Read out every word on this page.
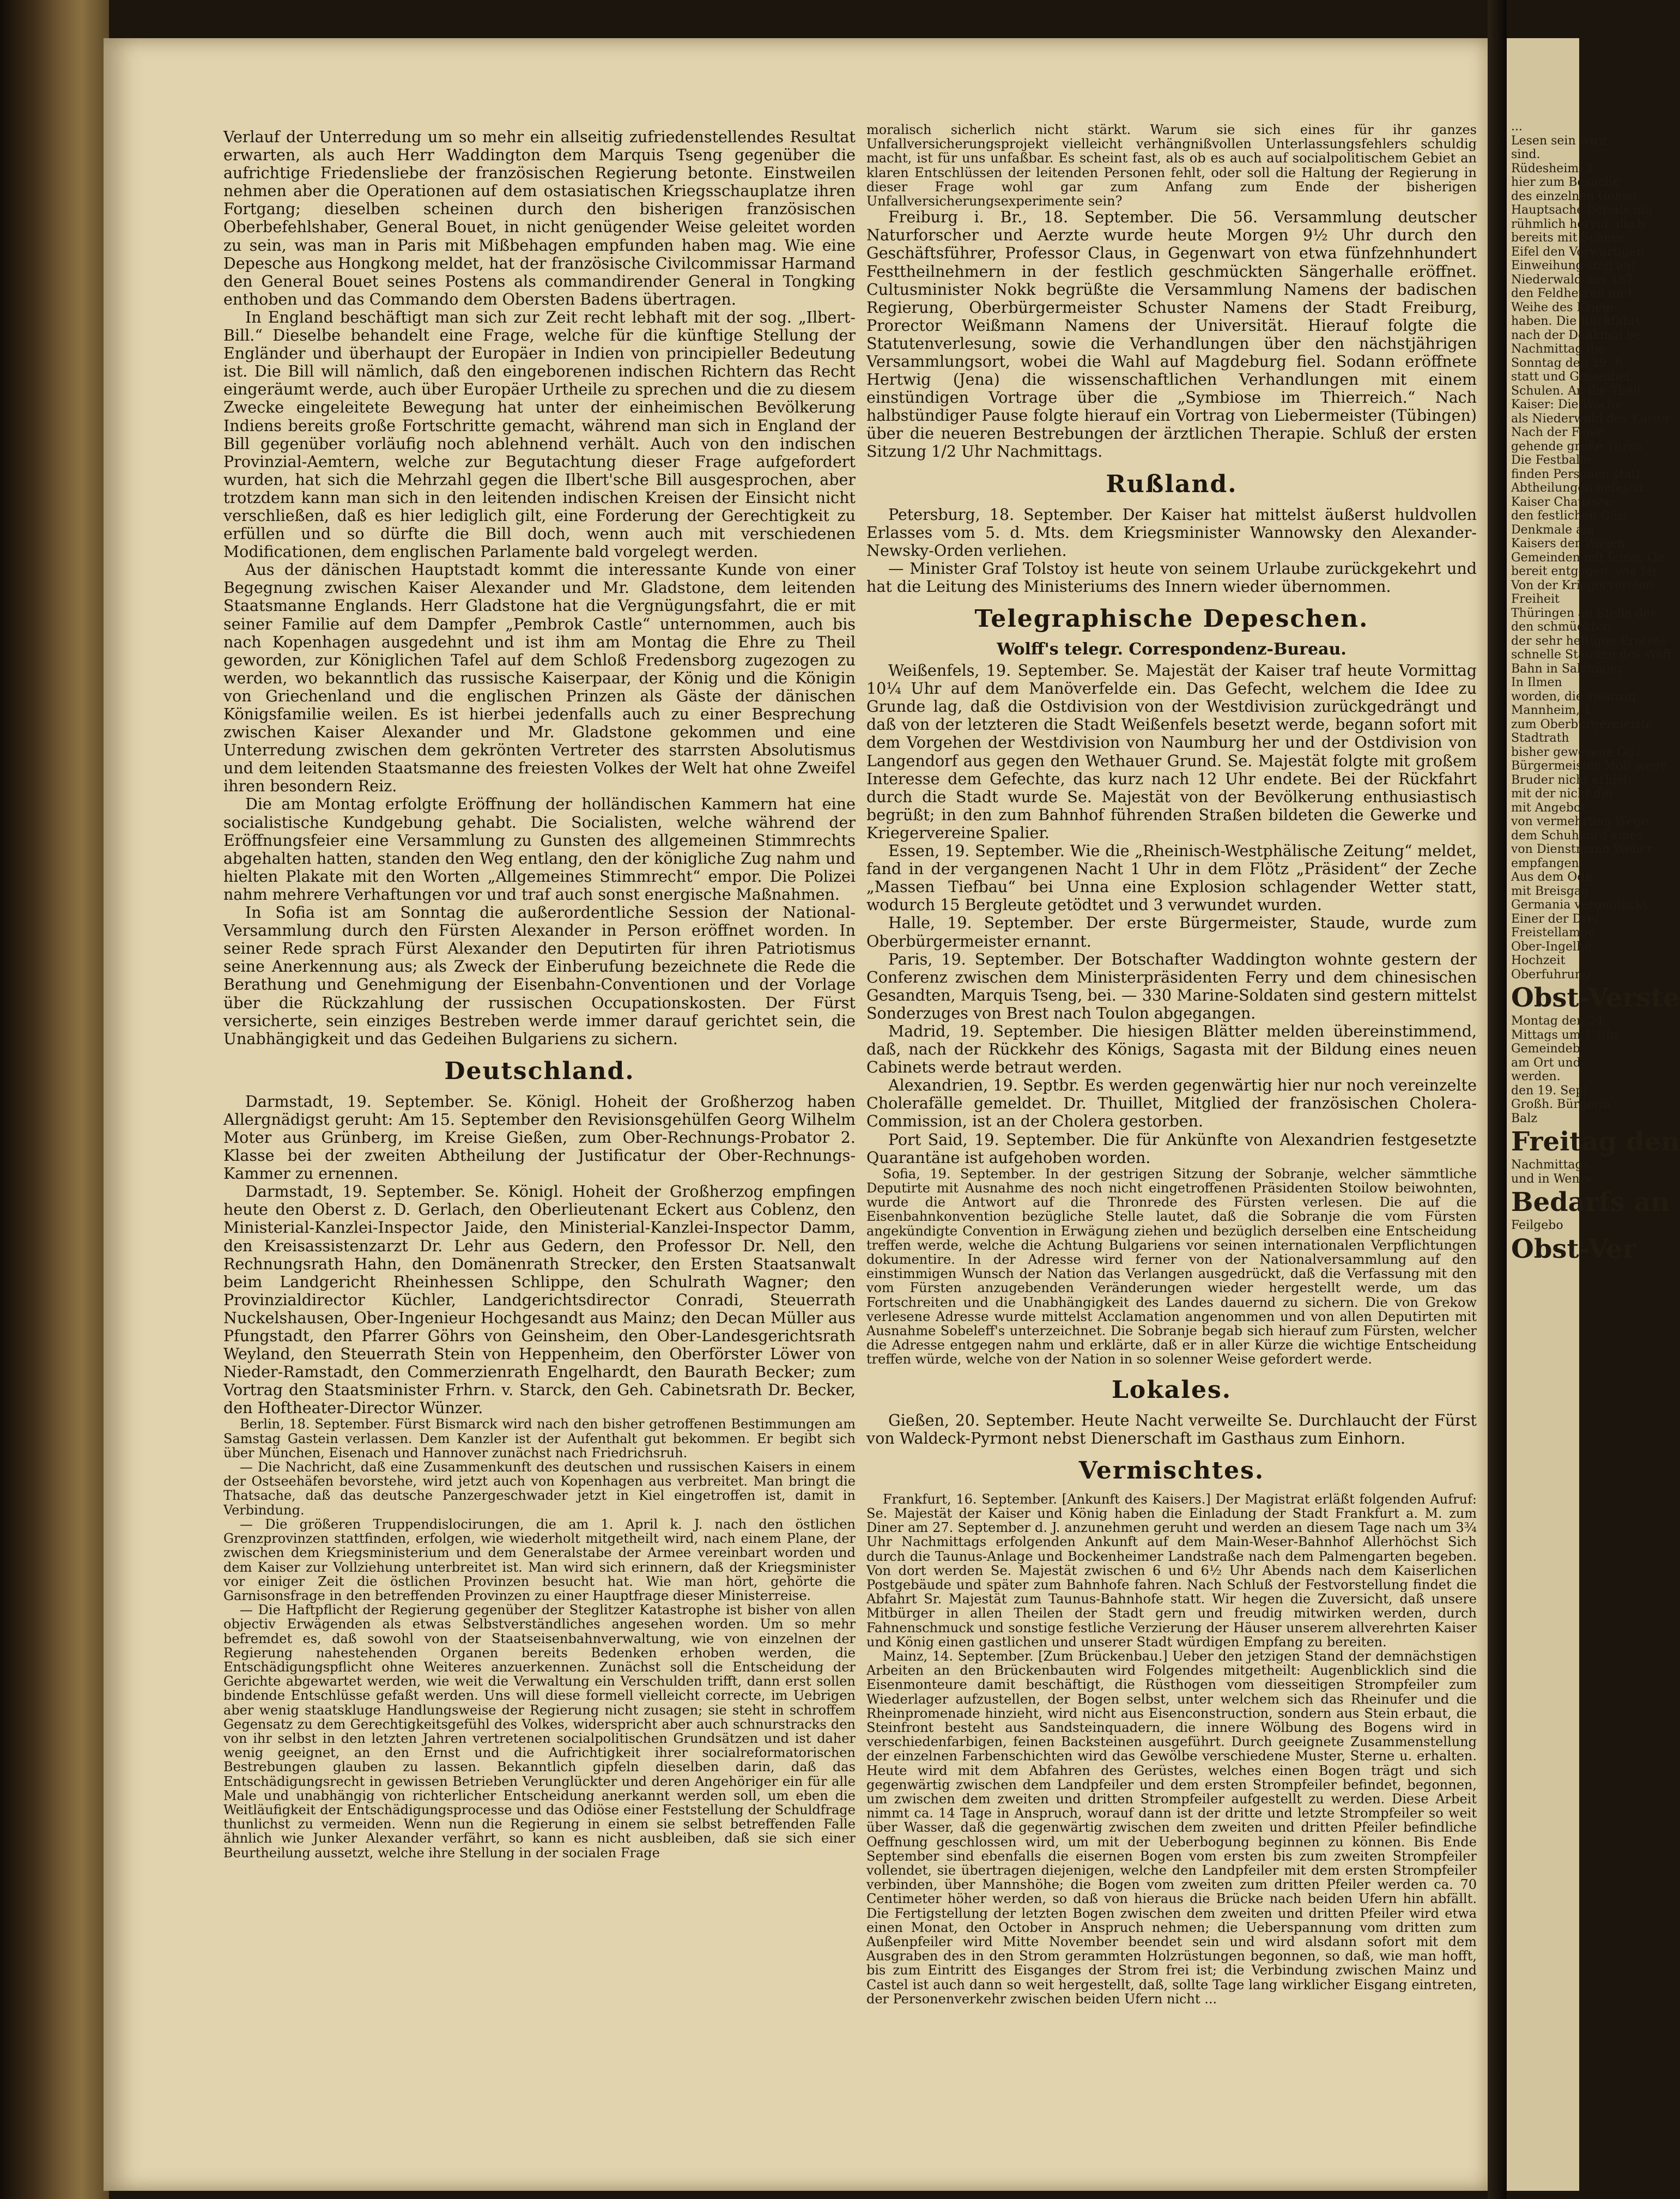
Verlauf der Unterredung um so mehr ein allseitig zufriedenstellendes Resultat erwarten, als auch Herr Waddington dem Marquis Tseng gegenüber die aufrichtige Friedensliebe der französischen Regierung betonte. Einstweilen nehmen aber die Operationen auf dem ostasiatischen Kriegsschauplatze ihren Fortgang; dieselben scheinen durch den bisherigen französischen Oberbefehlshaber, General Bouet, in nicht genügender Weise geleitet worden zu sein, was man in Paris mit Mißbehagen empfunden haben mag. Wie eine Depesche aus Hongkong meldet, hat der französische Civilcommissar Harmand den General Bouet seines Postens als commandirender General in Tongking enthoben und das Commando dem Obersten Badens übertragen.

In England beschäftigt man sich zur Zeit recht lebhaft mit der sog. „Ilbert-Bill.“ Dieselbe behandelt eine Frage, welche für die künftige Stellung der Engländer und überhaupt der Europäer in Indien von principieller Bedeutung ist. Die Bill will nämlich, daß den eingeborenen indischen Richtern das Recht eingeräumt werde, auch über Europäer Urtheile zu sprechen und die zu diesem Zwecke eingeleitete Bewegung hat unter der einheimischen Bevölkerung Indiens bereits große Fortschritte gemacht, während man sich in England der Bill gegenüber vorläufig noch ablehnend verhält. Auch von den indischen Provinzial-Aemtern, welche zur Begutachtung dieser Frage aufgefordert wurden, hat sich die Mehrzahl gegen die Ilbert'sche Bill ausgesprochen, aber trotzdem kann man sich in den leitenden indischen Kreisen der Einsicht nicht verschließen, daß es hier lediglich gilt, eine Forderung der Gerechtigkeit zu erfüllen und so dürfte die Bill doch, wenn auch mit verschiedenen Modificationen, dem englischen Parlamente bald vorgelegt werden.

Aus der dänischen Hauptstadt kommt die interessante Kunde von einer Begegnung zwischen Kaiser Alexander und Mr. Gladstone, dem leitenden Staatsmanne Englands. Herr Gladstone hat die Vergnügungsfahrt, die er mit seiner Familie auf dem Dampfer „Pembrok Castle“ unternommen, auch bis nach Kopenhagen ausgedehnt und ist ihm am Montag die Ehre zu Theil geworden, zur Königlichen Tafel auf dem Schloß Fredensborg zugezogen zu werden, wo bekanntlich das russische Kaiserpaar, der König und die Königin von Griechenland und die englischen Prinzen als Gäste der dänischen Königsfamilie weilen. Es ist hierbei jedenfalls auch zu einer Besprechung zwischen Kaiser Alexander und Mr. Gladstone gekommen und eine Unterredung zwischen dem gekrönten Vertreter des starrsten Absolutismus und dem leitenden Staatsmanne des freiesten Volkes der Welt hat ohne Zweifel ihren besondern Reiz.

Die am Montag erfolgte Eröffnung der holländischen Kammern hat eine socialistische Kundgebung gehabt. Die Socialisten, welche während der Eröffnungsfeier eine Versammlung zu Gunsten des allgemeinen Stimmrechts abgehalten hatten, standen den Weg entlang, den der königliche Zug nahm und hielten Plakate mit den Worten „Allgemeines Stimmrecht“ empor. Die Polizei nahm mehrere Verhaftungen vor und traf auch sonst energische Maßnahmen.

In Sofia ist am Sonntag die außerordentliche Session der National-Versammlung durch den Fürsten Alexander in Person eröffnet worden. In seiner Rede sprach Fürst Alexander den Deputirten für ihren Patriotismus seine Anerkennung aus; als Zweck der Einberufung bezeichnete die Rede die Berathung und Genehmigung der Eisenbahn-Conventionen und der Vorlage über die Rückzahlung der russischen Occupationskosten. Der Fürst versicherte, sein einziges Bestreben werde immer darauf gerichtet sein, die Unabhängigkeit und das Gedeihen Bulgariens zu sichern.

Deutschland.

Darmstadt, 19. September. Se. Königl. Hoheit der Großherzog haben Allergnädigst geruht: Am 15. September den Revisionsgehülfen Georg Wilhelm Moter aus Grünberg, im Kreise Gießen, zum Ober-Rechnungs-Probator 2. Klasse bei der zweiten Abtheilung der Justificatur der Ober-Rechnungs-Kammer zu ernennen.

Darmstadt, 19. September. Se. Königl. Hoheit der Großherzog empfingen heute den Oberst z. D. Gerlach, den Oberlieutenant Eckert aus Coblenz, den Ministerial-Kanzlei-Inspector Jaide, den Ministerial-Kanzlei-Inspector Damm, den Kreisassistenzarzt Dr. Lehr aus Gedern, den Professor Dr. Nell, den Rechnungsrath Hahn, den Domänenrath Strecker, den Ersten Staatsanwalt beim Landgericht Rheinhessen Schlippe, den Schulrath Wagner; den Provinzialdirector Küchler, Landgerichtsdirector Conradi, Steuerrath Nuckelshausen, Ober-Ingenieur Hochgesandt aus Mainz; den Decan Müller aus Pfungstadt, den Pfarrer Göhrs von Geinsheim, den Ober-Landesgerichtsrath Weyland, den Steuerrath Stein von Heppenheim, den Oberförster Löwer von Nieder-Ramstadt, den Commerzienrath Engelhardt, den Baurath Becker; zum Vortrag den Staatsminister Frhrn. v. Starck, den Geh. Cabinetsrath Dr. Becker, den Hoftheater-Director Wünzer.

Berlin, 18. September. Fürst Bismarck wird nach den bisher getroffenen Bestimmungen am Samstag Gastein verlassen. Dem Kanzler ist der Aufenthalt gut bekommen. Er begibt sich über München, Eisenach und Hannover zunächst nach Friedrichsruh.

— Die Nachricht, daß eine Zusammenkunft des deutschen und russischen Kaisers in einem der Ostseehäfen bevorstehe, wird jetzt auch von Kopenhagen aus verbreitet. Man bringt die Thatsache, daß das deutsche Panzergeschwader jetzt in Kiel eingetroffen ist, damit in Verbindung.

— Die größeren Truppendislocirungen, die am 1. April k. J. nach den östlichen Grenzprovinzen stattfinden, erfolgen, wie wiederholt mitgetheilt wird, nach einem Plane, der zwischen dem Kriegsministerium und dem Generalstabe der Armee vereinbart worden und dem Kaiser zur Vollziehung unterbreitet ist. Man wird sich erinnern, daß der Kriegsminister vor einiger Zeit die östlichen Provinzen besucht hat. Wie man hört, gehörte die Garnisonsfrage in den betreffenden Provinzen zu einer Hauptfrage dieser Ministerreise.

— Die Haftpflicht der Regierung gegenüber der Steglitzer Katastrophe ist bisher von allen objectiv Erwägenden als etwas Selbstverständliches angesehen worden. Um so mehr befremdet es, daß sowohl von der Staatseisenbahnverwaltung, wie von einzelnen der Regierung nahestehenden Organen bereits Bedenken erhoben werden, die Entschädigungspflicht ohne Weiteres anzuerkennen. Zunächst soll die Entscheidung der Gerichte abgewartet werden, wie weit die Verwaltung ein Verschulden trifft, dann erst sollen bindende Entschlüsse gefaßt werden. Uns will diese formell vielleicht correcte, im Uebrigen aber wenig staatskluge Handlungsweise der Regierung nicht zusagen; sie steht in schroffem Gegensatz zu dem Gerechtigkeitsgefühl des Volkes, widerspricht aber auch schnurstracks den von ihr selbst in den letzten Jahren vertretenen socialpolitischen Grundsätzen und ist daher wenig geeignet, an den Ernst und die Aufrichtigkeit ihrer socialreformatorischen Bestrebungen glauben zu lassen. Bekanntlich gipfeln dieselben darin, daß das Entschädigungsrecht in gewissen Betrieben Verunglückter und deren Angehöriger ein für alle Male und unabhängig von richterlicher Entscheidung anerkannt werden soll, um eben die Weitläufigkeit der Entschädigungsprocesse und das Odiöse einer Feststellung der Schuldfrage thunlichst zu vermeiden. Wenn nun die Regierung in einem sie selbst betreffenden Falle ähnlich wie Junker Alexander verfährt, so kann es nicht ausbleiben, daß sie sich einer Beurtheilung aussetzt, welche ihre Stellung in der socialen Frage

moralisch sicherlich nicht stärkt. Warum sie sich eines für ihr ganzes Unfallversicherungsprojekt vielleicht verhängnißvollen Unterlassungsfehlers schuldig macht, ist für uns unfaßbar. Es scheint fast, als ob es auch auf socialpolitischem Gebiet an klaren Entschlüssen der leitenden Personen fehlt, oder soll die Haltung der Regierung in dieser Frage wohl gar zum Anfang zum Ende der bisherigen Unfallversicherungsexperimente sein?

Freiburg i. Br., 18. September. Die 56. Versammlung deutscher Naturforscher und Aerzte wurde heute Morgen 9½ Uhr durch den Geschäftsführer, Professor Claus, in Gegenwart von etwa fünfzehnhundert Festtheilnehmern in der festlich geschmückten Sängerhalle eröffnet. Cultusminister Nokk begrüßte die Versammlung Namens der badischen Regierung, Oberbürgermeister Schuster Namens der Stadt Freiburg, Prorector Weißmann Namens der Universität. Hierauf folgte die Statutenverlesung, sowie die Verhandlungen über den nächstjährigen Versammlungsort, wobei die Wahl auf Magdeburg fiel. Sodann eröffnete Hertwig (Jena) die wissenschaftlichen Verhandlungen mit einem einstündigen Vortrage über die „Symbiose im Thierreich.“ Nach halbstündiger Pause folgte hierauf ein Vortrag von Liebermeister (Tübingen) über die neueren Bestrebungen der ärztlichen Therapie. Schluß der ersten Sitzung 1/2 Uhr Nachmittags.

Rußland.

Petersburg, 18. September. Der Kaiser hat mittelst äußerst huldvollen Erlasses vom 5. d. Mts. dem Kriegsminister Wannowsky den Alexander-Newsky-Orden verliehen.

— Minister Graf Tolstoy ist heute von seinem Urlaube zurückgekehrt und hat die Leitung des Ministeriums des Innern wieder übernommen.

Telegraphische Depeschen.
Wolff's telegr. Correspondenz-Bureau.

Weißenfels, 19. September. Se. Majestät der Kaiser traf heute Vormittag 10¼ Uhr auf dem Manöverfelde ein. Das Gefecht, welchem die Idee zu Grunde lag, daß die Ostdivision von der Westdivision zurückgedrängt und daß von der letzteren die Stadt Weißenfels besetzt werde, begann sofort mit dem Vorgehen der Westdivision von Naumburg her und der Ostdivision von Langendorf aus gegen den Wethauer Grund. Se. Majestät folgte mit großem Interesse dem Gefechte, das kurz nach 12 Uhr endete. Bei der Rückfahrt durch die Stadt wurde Se. Majestät von der Bevölkerung enthusiastisch begrüßt; in den zum Bahnhof führenden Straßen bildeten die Gewerke und Kriegervereine Spalier.

Essen, 19. September. Wie die „Rheinisch-Westphälische Zeitung“ meldet, fand in der vergangenen Nacht 1 Uhr in dem Flötz „Präsident“ der Zeche „Massen Tiefbau“ bei Unna eine Explosion schlagender Wetter statt, wodurch 15 Bergleute getödtet und 3 verwundet wurden.

Halle, 19. September. Der erste Bürgermeister, Staude, wurde zum Oberbürgermeister ernannt.

Paris, 19. September. Der Botschafter Waddington wohnte gestern der Conferenz zwischen dem Ministerpräsidenten Ferry und dem chinesischen Gesandten, Marquis Tseng, bei. — 330 Marine-Soldaten sind gestern mittelst Sonderzuges von Brest nach Toulon abgegangen.

Madrid, 19. September. Die hiesigen Blätter melden übereinstimmend, daß, nach der Rückkehr des Königs, Sagasta mit der Bildung eines neuen Cabinets werde betraut werden.

Alexandrien, 19. Septbr. Es werden gegenwärtig hier nur noch vereinzelte Cholerafälle gemeldet. Dr. Thuillet, Mitglied der französischen Cholera-Commission, ist an der Cholera gestorben.

Port Said, 19. September. Die für Ankünfte von Alexandrien festgesetzte Quarantäne ist aufgehoben worden.

Sofia, 19. September. In der gestrigen Sitzung der Sobranje, welcher sämmtliche Deputirte mit Ausnahme des noch nicht eingetroffenen Präsidenten Stoilow beiwohnten, wurde die Antwort auf die Thronrede des Fürsten verlesen. Die auf die Eisenbahnkonvention bezügliche Stelle lautet, daß die Sobranje die vom Fürsten angekündigte Convention in Erwägung ziehen und bezüglich derselben eine Entscheidung treffen werde, welche die Achtung Bulgariens vor seinen internationalen Verpflichtungen dokumentire. In der Adresse wird ferner von der Nationalversammlung auf den einstimmigen Wunsch der Nation das Verlangen ausgedrückt, daß die Verfassung mit den vom Fürsten anzugebenden Veränderungen wieder hergestellt werde, um das Fortschreiten und die Unabhängigkeit des Landes dauernd zu sichern. Die von Grekow verlesene Adresse wurde mittelst Acclamation angenommen und von allen Deputirten mit Ausnahme Sobeleff's unterzeichnet. Die Sobranje begab sich hierauf zum Fürsten, welcher die Adresse entgegen nahm und erklärte, daß er in aller Kürze die wichtige Entscheidung treffen würde, welche von der Nation in so solenner Weise gefordert werde.

Lokales.

Gießen, 20. September. Heute Nacht verweilte Se. Durchlaucht der Fürst von Waldeck-Pyrmont nebst Dienerschaft im Gasthaus zum Einhorn.

Vermischtes.

Frankfurt, 16. September. [Ankunft des Kaisers.] Der Magistrat erläßt folgenden Aufruf: Se. Majestät der Kaiser und König haben die Einladung der Stadt Frankfurt a. M. zum Diner am 27. September d. J. anzunehmen geruht und werden an diesem Tage nach um 3¾ Uhr Nachmittags erfolgenden Ankunft auf dem Main-Weser-Bahnhof Allerhöchst Sich durch die Taunus-Anlage und Bockenheimer Landstraße nach dem Palmengarten begeben. Von dort werden Se. Majestät zwischen 6 und 6½ Uhr Abends nach dem Kaiserlichen Postgebäude und später zum Bahnhofe fahren. Nach Schluß der Festvorstellung findet die Abfahrt Sr. Majestät zum Taunus-Bahnhofe statt. Wir hegen die Zuversicht, daß unsere Mitbürger in allen Theilen der Stadt gern und freudig mitwirken werden, durch Fahnenschmuck und sonstige festliche Verzierung der Häuser unserem allverehrten Kaiser und König einen gastlichen und unserer Stadt würdigen Empfang zu bereiten.

Mainz, 14. September. [Zum Brückenbau.] Ueber den jetzigen Stand der demnächstigen Arbeiten an den Brückenbauten wird Folgendes mitgetheilt: Augenblicklich sind die Eisenmonteure damit beschäftigt, die Rüsthogen vom diesseitigen Strompfeiler zum Wiederlager aufzustellen, der Bogen selbst, unter welchem sich das Rheinufer und die Rheinpromenade hinzieht, wird nicht aus Eisenconstruction, sondern aus Stein erbaut, die Steinfront besteht aus Sandsteinquadern, die innere Wölbung des Bogens wird in verschiedenfarbigen, feinen Backsteinen ausgeführt. Durch geeignete Zusammenstellung der einzelnen Farbenschichten wird das Gewölbe verschiedene Muster, Sterne u. erhalten. Heute wird mit dem Abfahren des Gerüstes, welches einen Bogen trägt und sich gegenwärtig zwischen dem Landpfeiler und dem ersten Strompfeiler befindet, begonnen, um zwischen dem zweiten und dritten Strompfeiler aufgestellt zu werden. Diese Arbeit nimmt ca. 14 Tage in Anspruch, worauf dann ist der dritte und letzte Strompfeiler so weit über Wasser, daß die gegenwärtig zwischen dem zweiten und dritten Pfeiler befindliche Oeffnung geschlossen wird, um mit der Ueberbogung beginnen zu können. Bis Ende September sind ebenfalls die eisernen Bogen vom ersten bis zum zweiten Strompfeiler vollendet, sie übertragen diejenigen, welche den Landpfeiler mit dem ersten Strompfeiler verbinden, über Mannshöhe; die Bogen vom zweiten zum dritten Pfeiler werden ca. 70 Centimeter höher werden, so daß von hieraus die Brücke nach beiden Ufern hin abfällt. Die Fertigstellung der letzten Bogen zwischen dem zweiten und dritten Pfeiler wird etwa einen Monat, den October in Anspruch nehmen; die Ueberspannung vom dritten zum Außenpfeiler wird Mitte November beendet sein und wird alsdann sofort mit dem Ausgraben des in den Strom gerammten Holzrüstungen begonnen, so daß, wie man hofft, bis zum Eintritt des Eisganges der Strom frei ist; die Verbindung zwischen Mainz und Castel ist auch dann so weit hergestellt, daß, sollte Tage lang wirklicher Eisgang eintreten, der Personenverkehr zwischen beiden Ufern nicht ...

...
Lesen sein wird,
sind.
Rüdesheim, 1
hier zum Besuche
des einzelnen Gemei
Hauptsache bereits am
rühmlich hervor, doch
bereits mit Schnee
Eifel den Vorwärtigen
Einweihung sind auf
Niederwald aus 187
den Feldherren und
Weihe des Kriege
haben. Die Rückfahrt
nach der Denkmal be
Nachmittag die
Sonntag den 29. b
statt und Geisenhei
Schulen. An die Theil
Kaiser: Die Wache
als Niederwald des Kaiser
Nach der Feier
gehende große Turns
Die Festballe
finden Personen statt
Abtheilungen gefeiert
Kaiser Chaussee
den festlichen Gäst
Denkmale am
Kaisers der Wagen
Gemeinden mit feiner Ga
bereit entgegen, wie fei
Von der Kriegervereine
Freiheit
Thüringen an Stelle der
den schmückten
der sehr heftigen Erntefe
schnelle Stauung des Waff
Bahn in Salzunger
In Ilmen
worden, die zwanzig
Mannheim, 1
zum Oberbürgermeiste
Stadtrath
bisher gewesene Gg.
Bürgermeister Moll wege
Bruder nicht erhielt,
mit der nicht die
mit Angebot
von vermehrtem Wege
dem Schuhkord eines
von Dienstmann Weber
empfangen
Aus dem Ode
mit Breisgau
Germania verunglückt
Einer der Drei
Freistellampe
Ober-Ingelhe
Hochzeit
Oberfuhrung
Obst-Verste
Montag den 24
Mittags um 1 Uhr
Gemeindeb
am Ort und
werden.
den 19. Sept
Großh. Bürgerm
Balz
Freitag den
Nachmittags
und in Wenze
Bedarfs an
Feilgebo
Obst-Ver
